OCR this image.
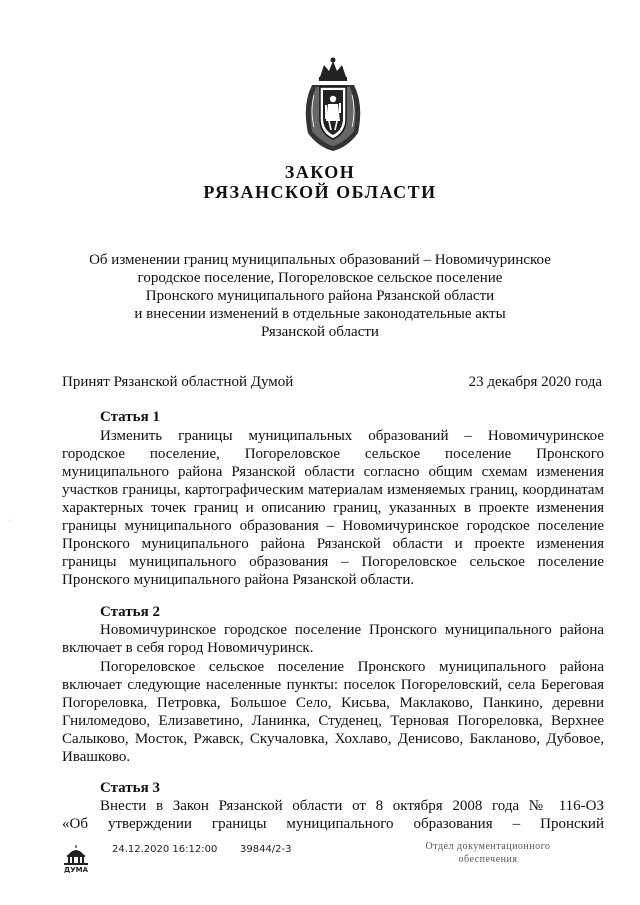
ЗАКОН
РЯЗАНСКОЙ ОБЛАСТИ
Об изменении границ муниципальных образований – Новомичуринское
городское поселение, Погореловское сельское поселение
Пронского муниципального района Рязанской области
и внесении изменений в отдельные законодательные акты
Рязанской области
Принят Рязанской областной Думой	23 декабря 2020 года
Статья 1
Изменить границы муниципальных образований – Новомичуринское
городское поселение, Погореловское сельское поселение Пронского
муниципального района Рязанской области согласно общим схемам изменения
участков границы, картографическим материалам изменяемых границ, координатам
характерных точек границ и описанию границ, указанных в проекте изменения
границы муниципального образования – Новомичуринское городское поселение
Пронского муниципального района Рязанской области и проекте изменения
границы муниципального образования – Погореловское сельское поселение
Пронского муниципального района Рязанской области.
Статья 2
Новомичуринское городское поселение Пронского муниципального района
включает в себя город Новомичуринск.
Погореловское сельское поселение Пронского муниципального района
включает следующие населенные пункты: поселок Погореловский, села Береговая
Погореловка, Петровка, Большое Село, Кисьва, Маклаково, Панкино, деревни
Гниломедово, Елизаветино, Ланинка, Студенец, Терновая Погореловка, Верхнее
Салыково, Мосток, Ржавск, Скучаловка, Хохлаво, Денисово, Бакланово, Дубовое,
Ивашково.
Статья 3
Внести в Закон Рязанской области от 8 октября 2008 года № 116-ОЗ
«Об утверждении границы муниципального образования – Пронский
ДУМА
24.12.2020 16:12:00 39844/2-3	Отдел документационного
обеспечения
·
